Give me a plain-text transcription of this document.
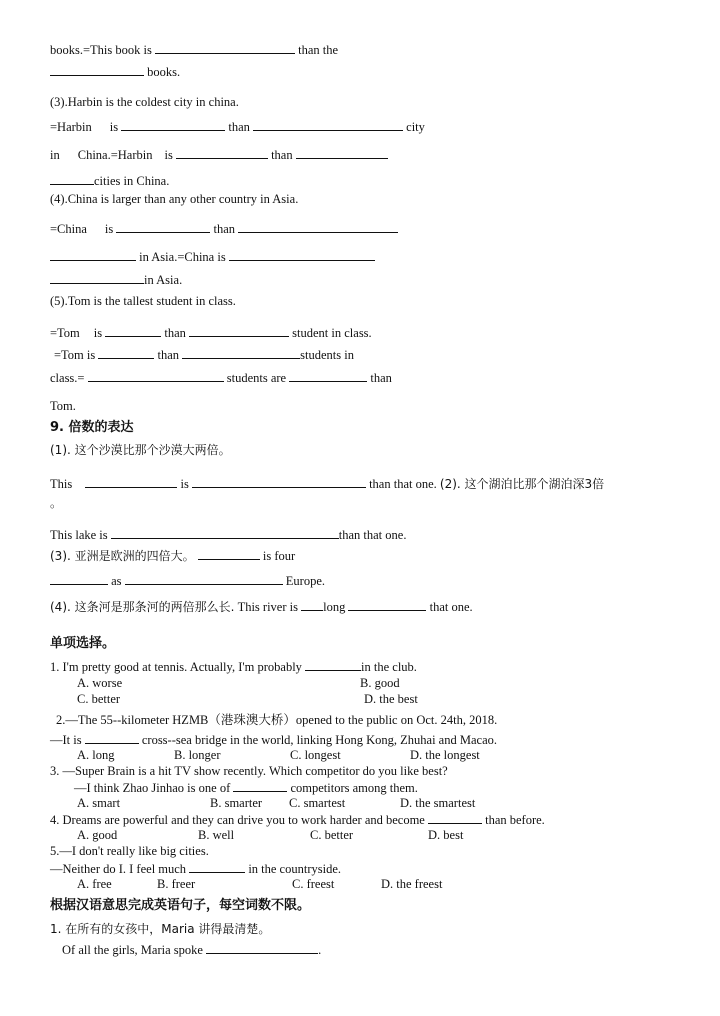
books.=This book is	than the
books.
(3).Harbin is the coldest city in china.
=Harbin is	than	city
in China.=Harbin is	than
cities in China.
(4).China is larger than any other country in Asia.
=China is	than
in Asia.=China is
in Asia.
(5).Tom is the tallest student in class.
=Tom is	than	student in class.
=Tom is	than	students in
class.=	students are	than
Tom.
9. 倍数的表达
(1). 这个沙漠比那个沙漠大两倍。
This	is	than that one. (2). 这个湖泊比那个湖泊深3倍
。
This lake is	than that one.
(3). 亚洲是欧洲的四倍大。	is four
as	Europe.
(4). 这条河是那条河的两倍那么长. This river is long	that one.
单项选择。
1. I'm pretty good at tennis. Actually, I'm probably	in the club.
A. worse	B. good
C. better	D. the best
2.—The 55--kilometer HZMB（港珠澳大桥）opened to the public on Oct. 24th, 2018.
—It is	cross--sea bridge in the world, linking Hong Kong, Zhuhai and Macao.
A. long	B. longer	C. longest	D. the longest
3. —Super Brain is a hit TV show recently. Which competitor do you like best?
—I think Zhao Jinhao is one of	competitors among them.
A. smart	B. smarter C. smartest	D. the smartest
4. Dreams are powerful and they can drive you to work harder and become	than before.
A. good	B. well	C. better	D. best
5.—I don't really like big cities.
—Neither do I. I feel much	in the countryside.
A. free	B. freer	C. freest	D. the freest
根据汉语意思完成英语句子，每空词数不限。
1. 在所有的女孩中，Maria 讲得最清楚。
Of all the girls, Maria spoke	.
